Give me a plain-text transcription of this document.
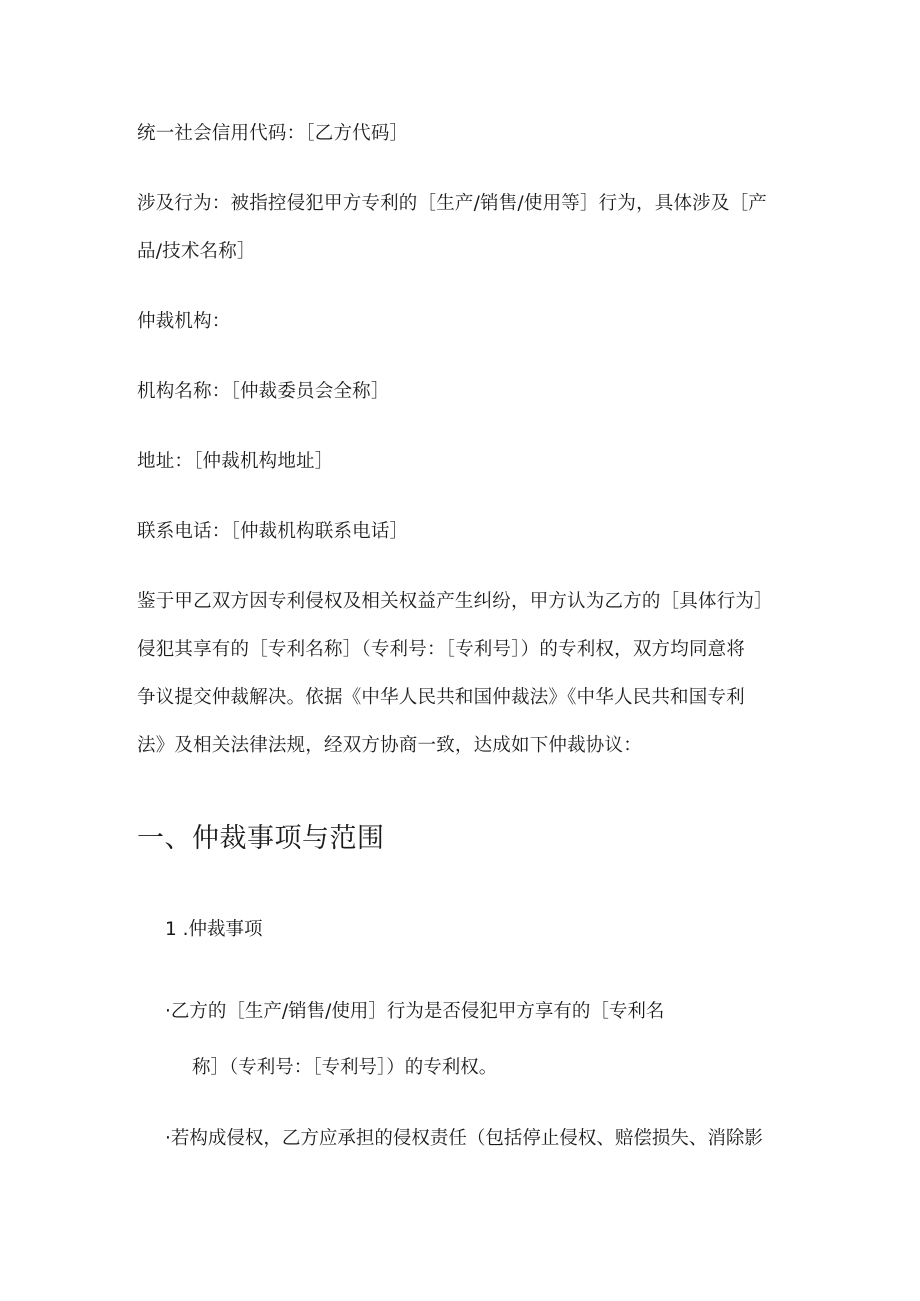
统一社会信用代码：［乙方代码］
涉及行为：被指控侵犯甲方专利的［生产/销售/使用等］行为，具体涉及［产
品/技术名称］
仲裁机构：
机构名称：［仲裁委员会全称］
地址：［仲裁机构地址］
联系电话：［仲裁机构联系电话］
鉴于甲乙双方因专利侵权及相关权益产生纠纷，甲方认为乙方的［具体行为］
侵犯其享有的［专利名称］（专利号：［专利号］）的专利权，双方均同意将
争议提交仲裁解决。依据《中华人民共和国仲裁法》《中华人民共和国专利
法》及相关法律法规，经双方协商一致，达成如下仲裁协议：
一、仲裁事项与范围
1 .仲裁事项
·乙方的［生产/销售/使用］行为是否侵犯甲方享有的［专利名
称］（专利号：［专利号］）的专利权。
·若构成侵权，乙方应承担的侵权责任（包括停止侵权、赔偿损失、消除影
